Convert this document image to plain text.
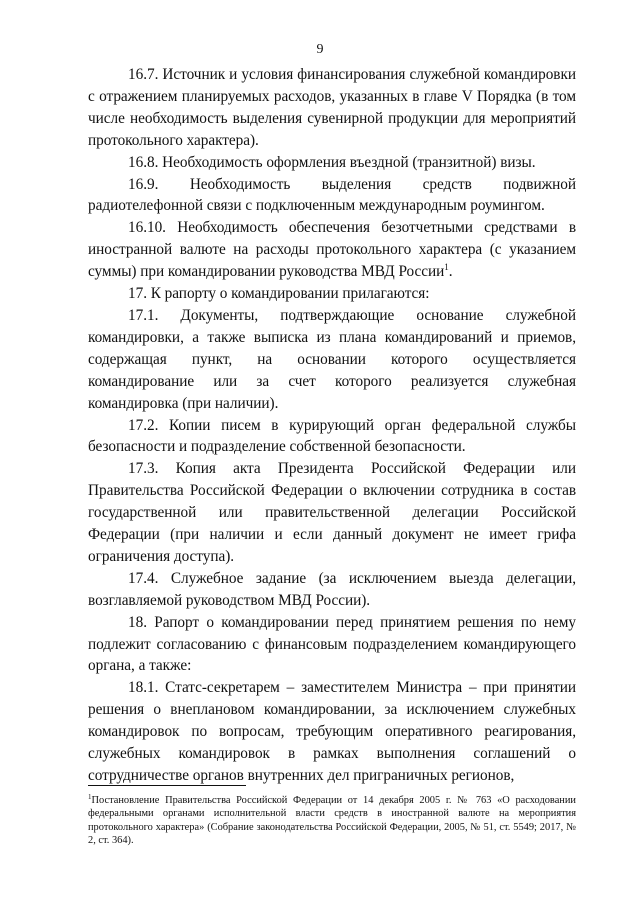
9

16.7. Источник и условия финансирования служебной командировки с отражением планируемых расходов, указанных в главе V Порядка (в том числе необходимость выделения сувенирной продукции для мероприятий протокольного характера).

16.8. Необходимость оформления въездной (транзитной) визы.

16.9. Необходимость выделения средств подвижной радиотелефонной связи с подключенным международным роумингом.

16.10. Необходимость обеспечения безотчетными средствами в иностранной валюте на расходы протокольного характера (с указанием суммы) при командировании руководства МВД России$^1$.

17. К рапорту о командировании прилагаются:

17.1. Документы, подтверждающие основание служебной командировки, а также выписка из плана командирований и приемов, содержащая пункт, на основании которого осуществляется командирование или за счет которого реализуется служебная командировка (при наличии).

17.2. Копии писем в курирующий орган федеральной службы безопасности и подразделение собственной безопасности.

17.3. Копия акта Президента Российской Федерации или Правительства Российской Федерации о включении сотрудника в состав государственной или правительственной делегации Российской Федерации (при наличии и если данный документ не имеет грифа ограничения доступа).

17.4. Служебное задание (за исключением выезда делегации, возглавляемой руководством МВД России).

18. Рапорт о командировании перед принятием решения по нему подлежит согласованию с финансовым подразделением командирующего органа, а также:

18.1. Статс-секретарем – заместителем Министра – при принятии решения о внеплановом командировании, за исключением служебных командировок по вопросам, требующим оперативного реагирования, служебных командировок в рамках выполнения соглашений о сотрудничестве органов внутренних дел приграничных регионов,

$^1$Постановление Правительства Российской Федерации от 14 декабря 2005 г. № 763 «О расходовании федеральными органами исполнительной власти средств в иностранной валюте на мероприятия протокольного характера» (Собрание законодательства Российской Федерации, 2005, № 51, ст. 5549; 2017, № 2, ст. 364).
